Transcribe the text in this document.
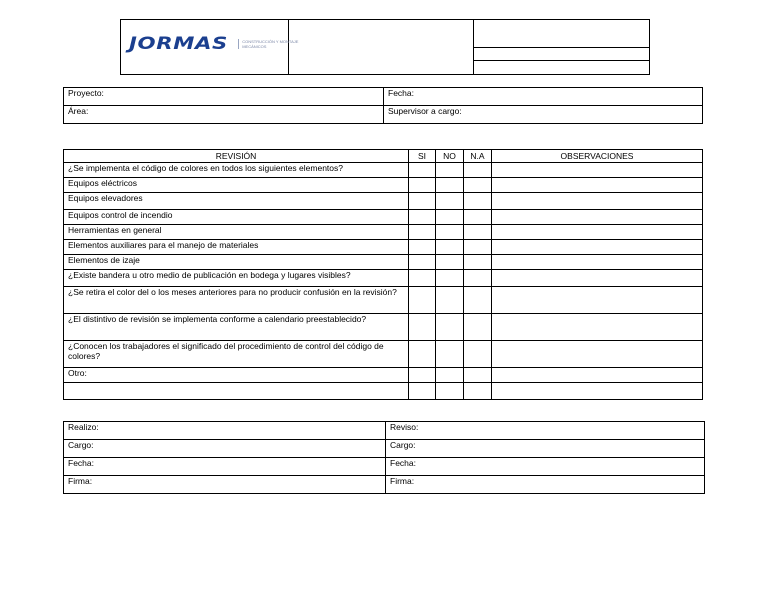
JORMAS	CONSTRUCCIÓN Y MONTAJE MECÁNICOS

Proyecto:	Fecha:
Área:	Supervisor a cargo:
REVISIÓN	SI	NO	N.A	OBSERVACIONES
¿Se implementa el código de colores en todos los siguientes elementos?				
Equipos eléctricos				
Equipos elevadores				
Equipos control de incendio				
Herramientas en general				
Elementos auxiliares para el manejo de materiales				
Elementos de izaje				
¿Existe bandera u otro medio de publicación en bodega y lugares visibles?				
¿Se retira el color del o los meses anteriores para no producir confusión en la revisión?				
¿El distintivo de revisión se implementa conforme a calendario preestablecido?				
¿Conocen los trabajadores el significado del procedimiento de control del código de colores?				
Otro:				

Realizo:	Reviso:
Cargo:	Cargo:
Fecha:	Fecha:
Firma:	Firma:
